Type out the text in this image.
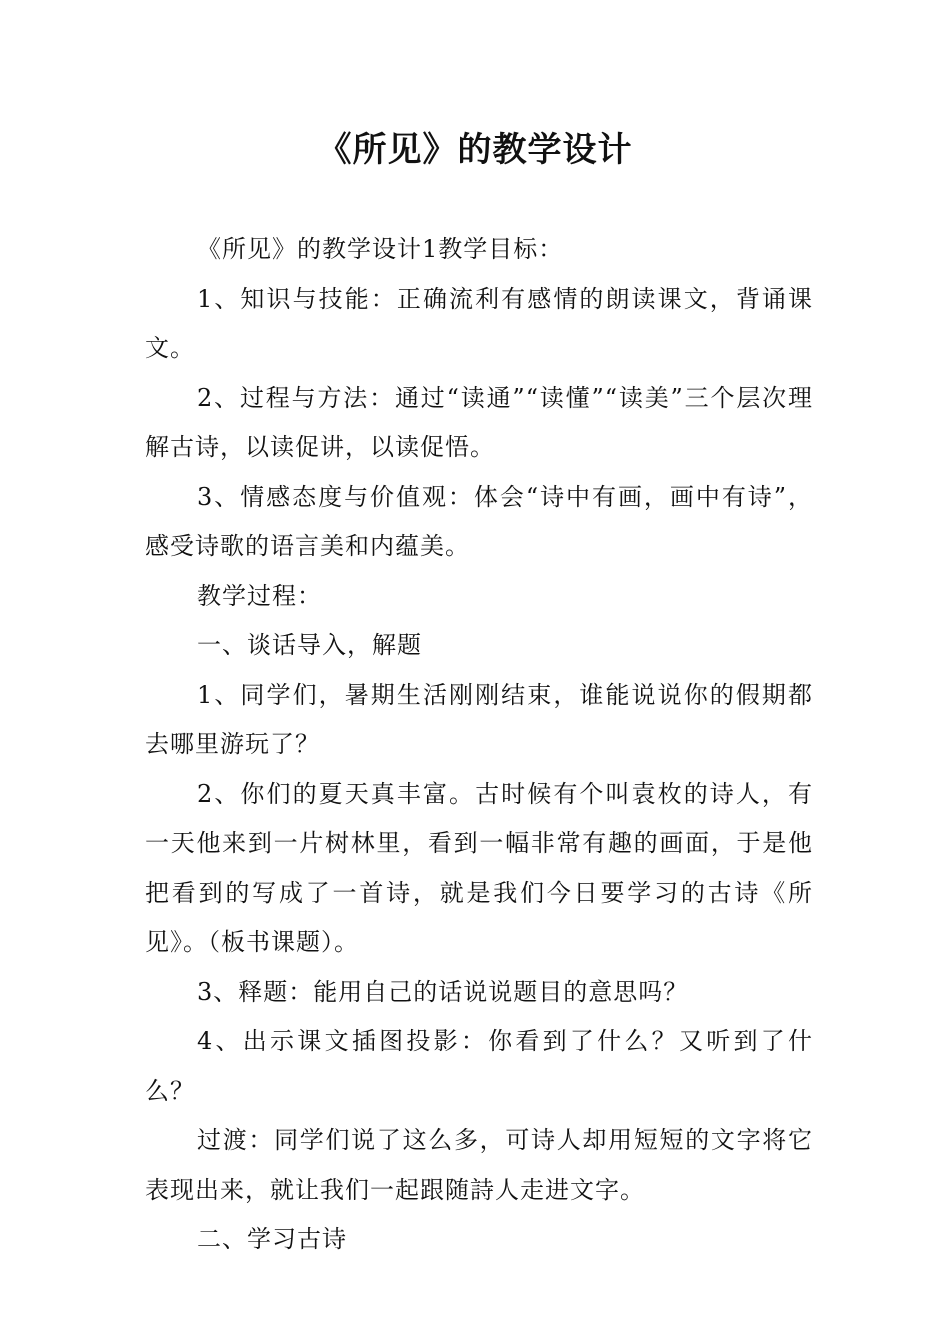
《所见》的教学设计

《所见》的教学设计1教学目标：

1、知识与技能：正确流利有感情的朗读课文，背诵课文。

2、过程与方法：通过“读通”“读懂”“读美”三个层次理解古诗，以读促讲，以读促悟。

3、情感态度与价值观：体会“诗中有画，画中有诗”，感受诗歌的语言美和内蕴美。

教学过程：

一、谈话导入，解题

1、同学们，暑期生活刚刚结束，谁能说说你的假期都去哪里游玩了？

2、你们的夏天真丰富。古时候有个叫袁枚的诗人，有一天他来到一片树林里，看到一幅非常有趣的画面，于是他把看到的写成了一首诗，就是我们今日要学习的古诗《所见》。（板书课题）。

3、释题：能用自己的话说说题目的意思吗？

4、出示课文插图投影：你看到了什么？又听到了什么？

过渡：同学们说了这么多，可诗人却用短短的文字将它表现出来，就让我们一起跟随詩人走进文字。

二、学习古诗
